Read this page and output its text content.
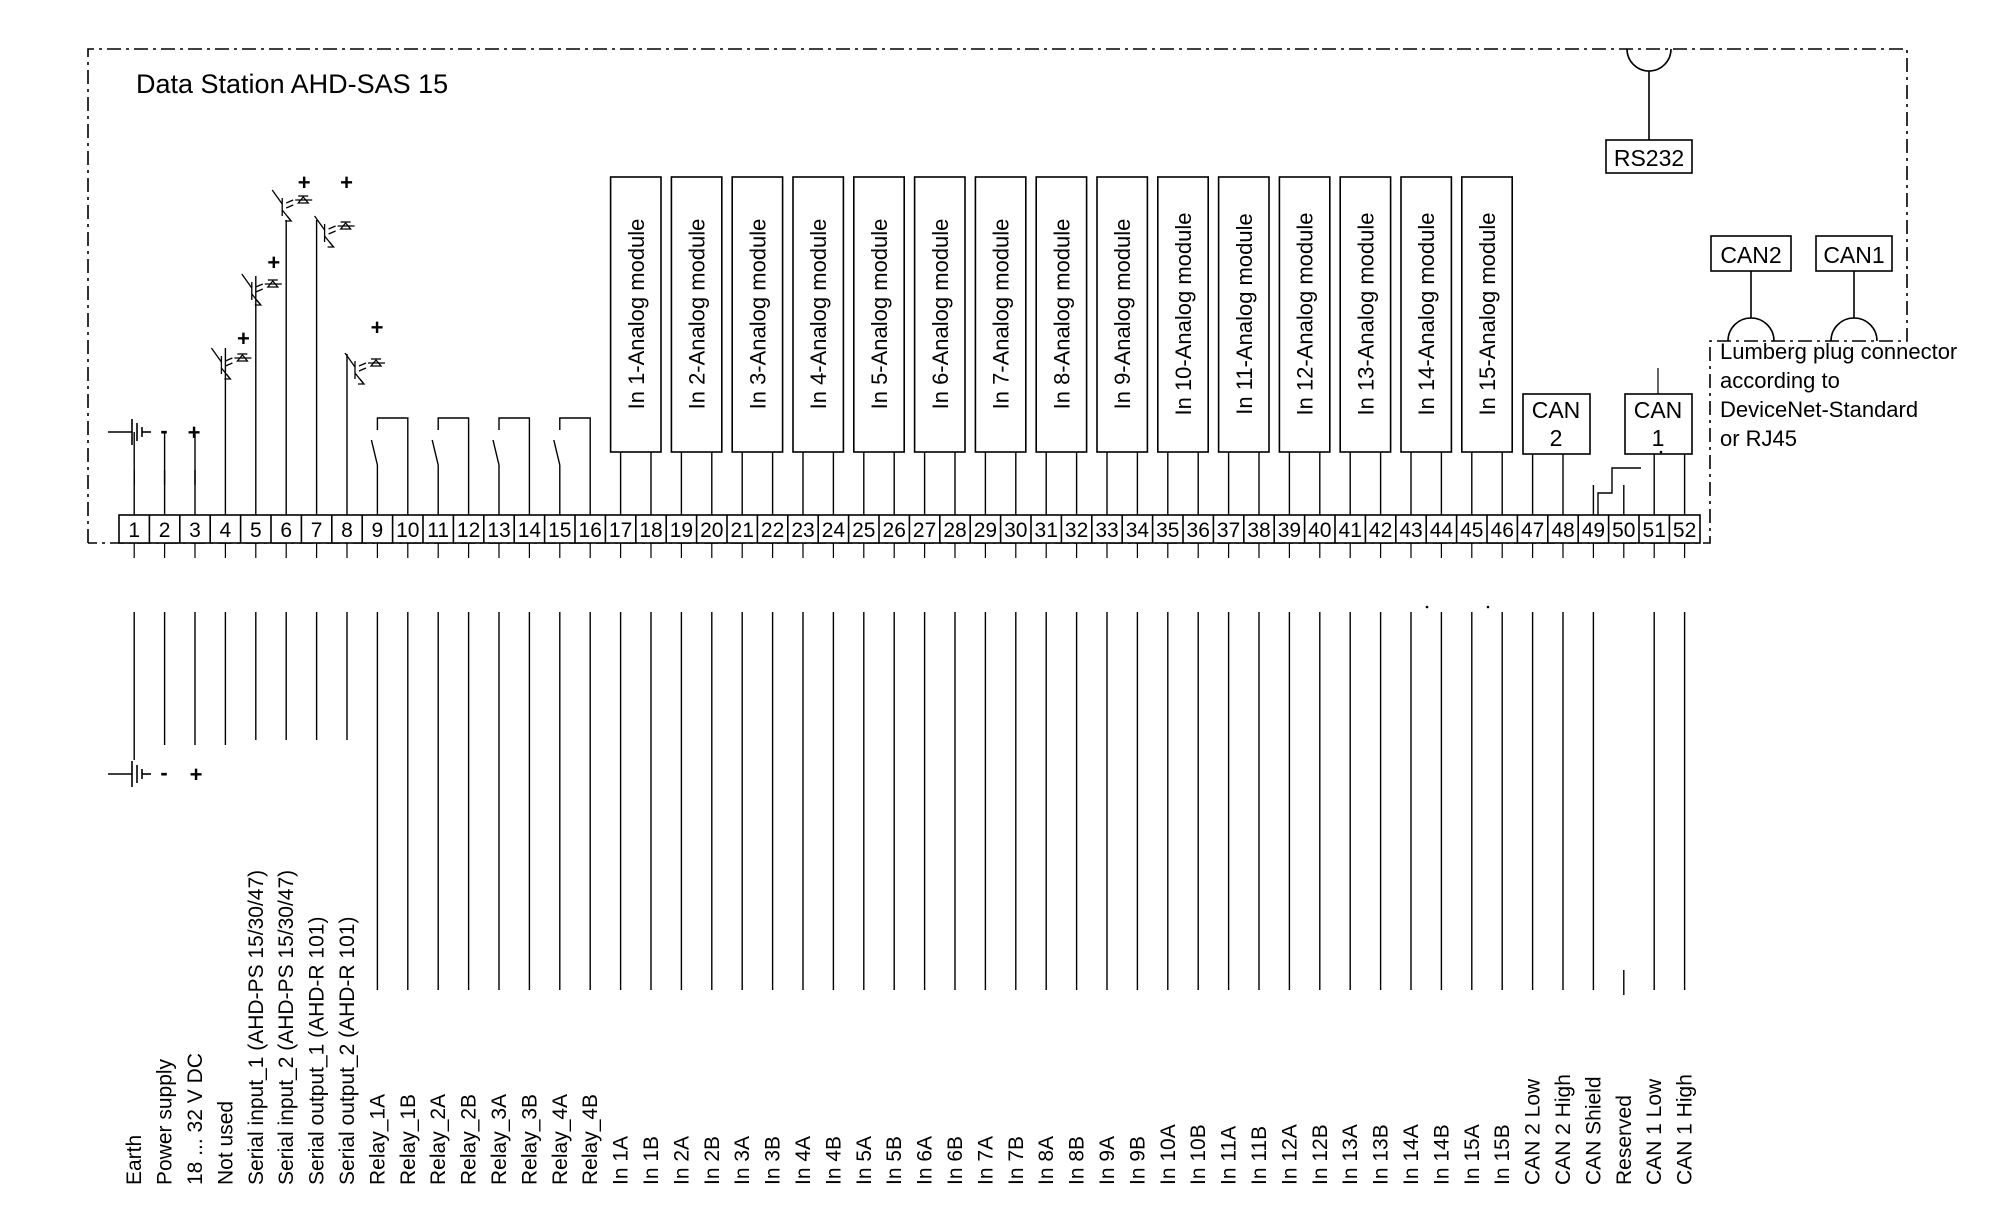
Data Station AHD-SAS 15
RS232
CAN2 CAN1
Lumberg plug connector
according to
DeviceNet-Standard
or RJ45
1 2 3 4 5 6 7 8 9 10 11 12 13 14 15 16 17 18 19 20 21 22 23 24 25 26 27 28 29 30 31 32 33 34 35 36 37 38 39 40 41 42 43 44 45 46 47 48 49 50 51 52
In 1-Analog module In 2-Analog module In 3-Analog module In 4-Analog module In 5-Analog module In 6-Analog module In 7-Analog module In 8-Analog module In 9-Analog module In 10-Analog module In 11-Analog module In 12-Analog module In 13-Analog module In 14-Analog module In 15-Analog module CAN
2
CAN
1
- +
- +
+
+
+
+
+
Earth Power supply 18 ... 32 V DC Not used Serial input_1 (AHD-PS 15/30/47) Serial input_2 (AHD-PS 15/30/47) Serial output_1 (AHD-R 101) Serial output_2 (AHD-R 101) Relay_1A Relay_1B Relay_2A Relay_2B Relay_3A Relay_3B Relay_4A Relay_4B In 1A In 1B In 2A In 2B In 3A In 3B In 4A In 4B In 5A In 5B In 6A In 6B In 7A In 7B In 8A In 8B In 9A In 9B In 10A In 10B In 11A In 11B In 12A In 12B In 13A In 13B In 14A In 14B In 15A In 15B CAN 2 Low CAN 2 High CAN Shield Reserved CAN 1 Low CAN 1 High
